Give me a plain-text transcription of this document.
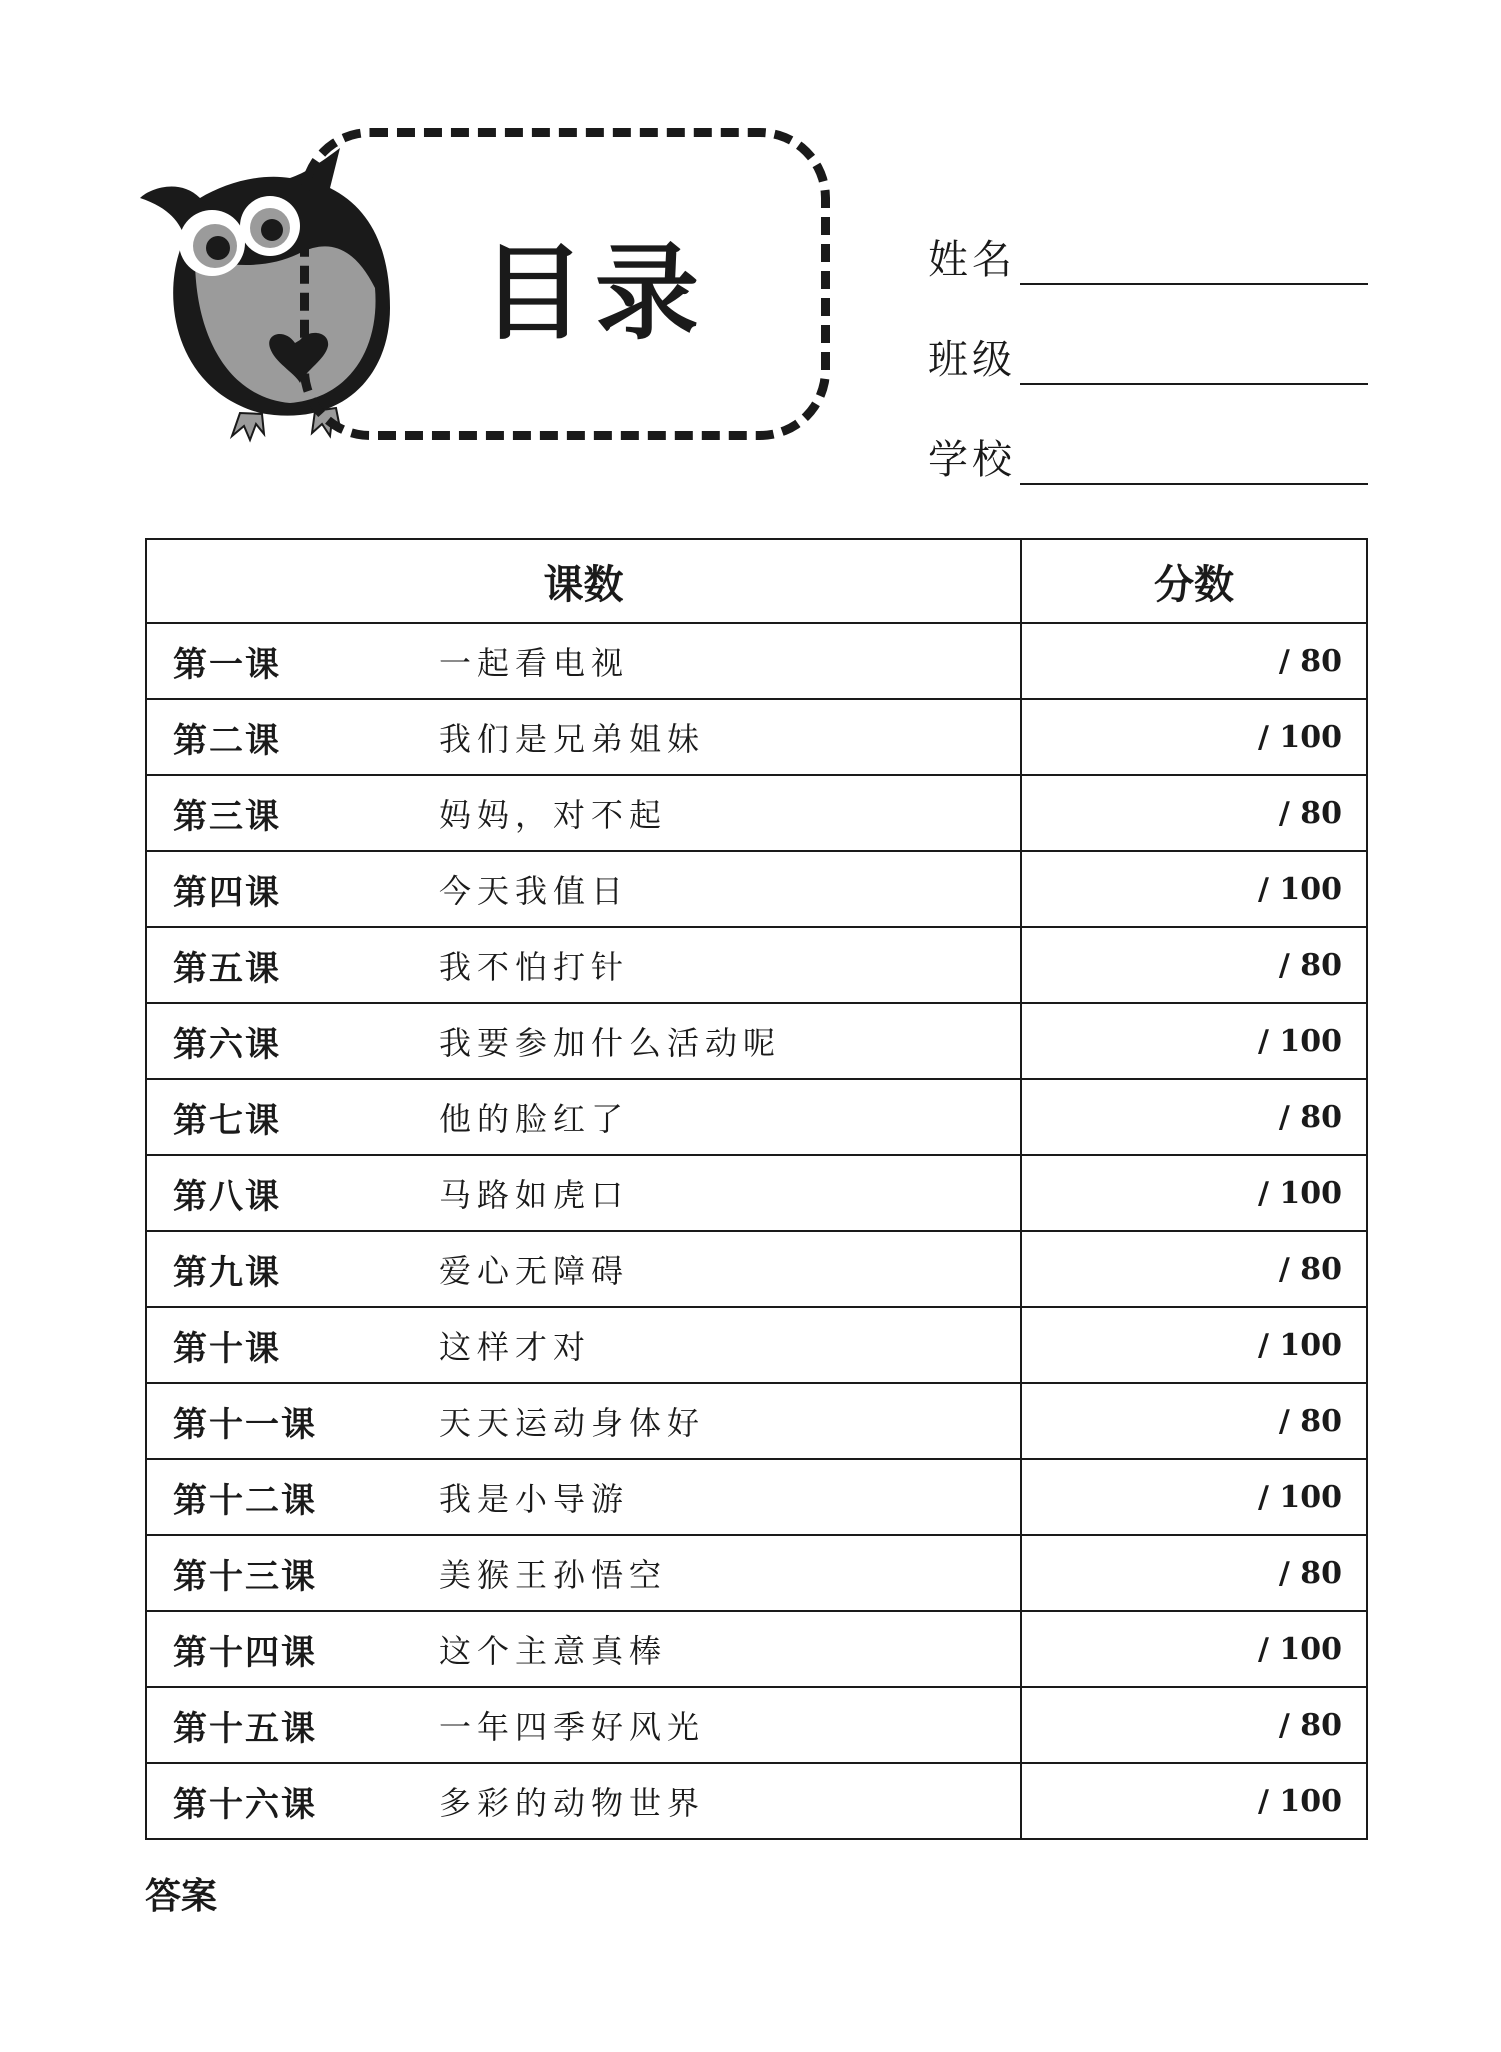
目录	姓名
班级
学校
课数	分数

第一课 一起看电视	/ 80

第二课 我们是兄弟姐妹	/ 100

第三课 妈妈，对不起	/ 80

第四课 今天我值日	/ 100

第五课 我不怕打针	/ 80

第六课 我要参加什么活动呢	/ 100

第七课 他的脸红了	/ 80

第八课 马路如虎口	/ 100

第九课 爱心无障碍	/ 80

第十课 这样才对	/ 100

第十一课 天天运动身体好	/ 80

第十二课 我是小导游	/ 100

第十三课 美猴王孙悟空	/ 80

第十四课 这个主意真棒	/ 100

第十五课 一年四季好风光	/ 80

第十六课 多彩的动物世界	/ 100
答案
